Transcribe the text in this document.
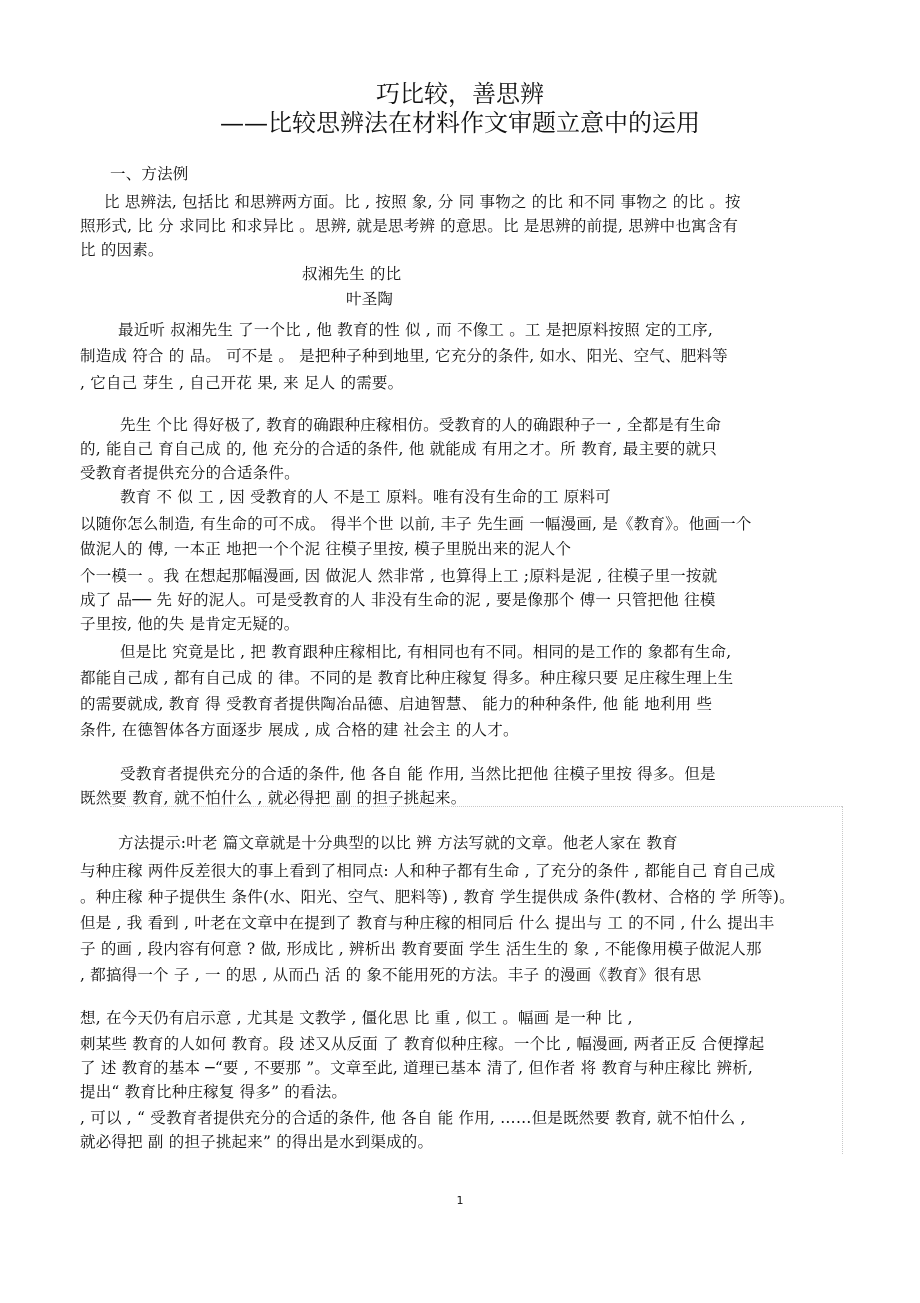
巧比较，善思辨
——比较思辨法在材料作文审题立意中的运用
一、方法例
比 思辨法, 包括比 和思辨两方面。比 , 按照 象, 分 同 事物之 的比 和不同 事物之 的比 。按
照形式, 比 分 求同比 和求异比 。思辨, 就是思考辨 的意思。比 是思辨的前提, 思辨中也寓含有
比 的因素。
叔湘先生 的比
叶圣陶
最近听 叔湘先生 了一个比 , 他 教育的性 似 , 而 不像工 。工 是把原料按照 定的工序,
制造成 符合 的 品。 可不是 。 是把种子种到地里, 它充分的条件, 如水、阳光、空气、肥料等
, 它自己 芽生 , 自己开花 果, 来 足人 的需要。
先生 个比 得好极了, 教育的确跟种庄稼相仿。受教育的人的确跟种子一 , 全都是有生命
的, 能自己 育自己成 的, 他 充分的合适的条件, 他 就能成 有用之才。所 教育, 最主要的就只
受教育者提供充分的合适条件。
教育 不 似 工 , 因 受教育的人 不是工 原料。唯有没有生命的工 原料可
以随你怎么制造, 有生命的可不成。 得半个世 以前, 丰子 先生画 一幅漫画, 是《教育》。他画一个
做泥人的 傅, 一本正 地把一个个泥 往模子里按, 模子里脱出来的泥人个
个一模一 。我 在想起那幅漫画, 因 做泥人 然非常 , 也算得上工 ;原料是泥 , 往模子里一按就
成了 品── 先 好的泥人。可是受教育的人 非没有生命的泥 , 要是像那个 傅一 只管把他 往模
子里按, 他的失 是肯定无疑的。
但是比 究竟是比 , 把 教育跟种庄稼相比, 有相同也有不同。相同的是工作的 象都有生命,
都能自己成 , 都有自己成 的 律。不同的是 教育比种庄稼复 得多。种庄稼只要 足庄稼生理上生
的需要就成, 教育 得 受教育者提供陶冶品德、启迪智慧、 能力的种种条件, 他 能 地利用 些
条件, 在德智体各方面逐步 展成 , 成 合格的建 社会主 的人才。
受教育者提供充分的合适的条件, 他 各自 能 作用, 当然比把他 往模子里按 得多。但是
既然要 教育, 就不怕什么 , 就必得把 副 的担子挑起来。
方法提示:叶老 篇文章就是十分典型的以比 辨 方法写就的文章。他老人家在 教育
与种庄稼 两件反差很大的事上看到了相同点: 人和种子都有生命 , 了充分的条件 , 都能自己 育自己成
。种庄稼 种子提供生 条件(水、阳光、空气、肥料等) , 教育 学生提供成 条件(教材、合格的 学 所等)。
但是 , 我 看到 , 叶老在文章中在提到了 教育与种庄稼的相同后 什么 提出与 工 的不同 , 什么 提出丰
子 的画 , 段内容有何意 ? 做, 形成比 , 辨析出 教育要面 学生 活生生的 象 , 不能像用模子做泥人那
, 都搞得一个 子 , 一 的思 , 从而凸 活 的 象不能用死的方法。丰子 的漫画《教育》很有思
想, 在今天仍有启示意 , 尤其是 文教学 , 僵化思 比 重 , 似工 。幅画 是一种 比 ,
刺某些 教育的人如何 教育。段 述又从反面 了 教育似种庄稼。一个比 , 幅漫画, 两者正反 合便撑起
了 述 教育的基本 ─“要 , 不要那 ”。文章至此, 道理已基本 清了, 但作者 将 教育与种庄稼比 辨析,
提出“ 教育比种庄稼复 得多” 的看法。
, 可以 , “ 受教育者提供充分的合适的条件, 他 各自 能 作用, ……但是既然要 教育, 就不怕什么 ,
就必得把 副 的担子挑起来” 的得出是水到渠成的。
1
